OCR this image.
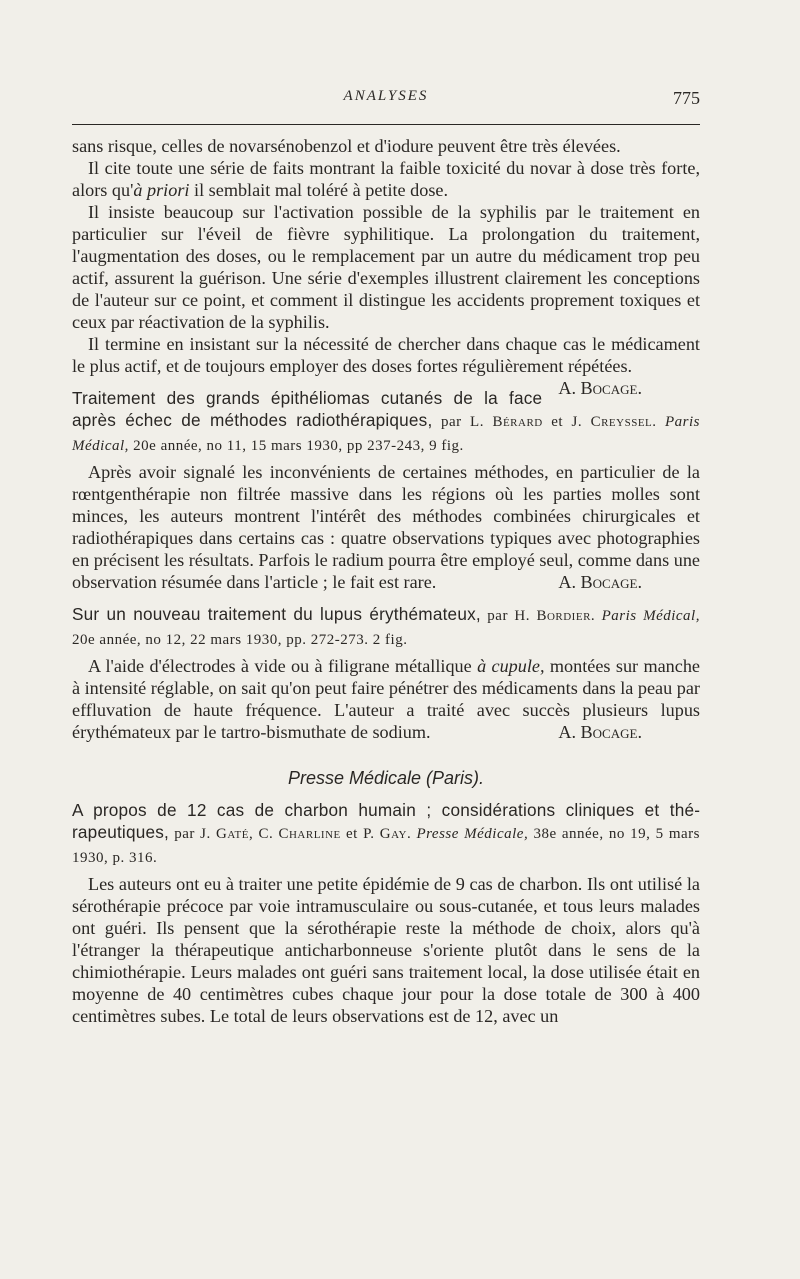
ANALYSES	775

sans risque, celles de novarsénobenzol et d'iodure peuvent être très élevées.

Il cite toute une série de faits montrant la faible toxicité du novar à dose très forte, alors qu'à priori il semblait mal toléré à petite dose.

Il insiste beaucoup sur l'activation possible de la syphilis par le traitement en particulier sur l'éveil de fièvre syphilitique. La prolongation du traitement, l'augmentation des doses, ou le remplacement par un autre du médicament trop peu actif, assurent la guérison. Une série d'exemples illustrent clairement les conceptions de l'auteur sur ce point, et comment il distingue les accidents proprement toxiques et ceux par réactivation de la syphilis.

Il termine en insistant sur la nécessité de chercher dans chaque cas le médicament le plus actif, et de toujours employer des doses fortes régulièrement répétées.
A. Bocage.

Traitement des grands épithéliomas cutanés de la face après échec de méthodes radiothérapiques, par L. Bérard et J. Creyssel. Paris Médical, 20e année, no 11, 15 mars 1930, pp 237-243, 9 fig.

Après avoir signalé les inconvénients de certaines méthodes, en particulier de la rœntgenthérapie non filtrée massive dans les régions où les parties molles sont minces, les auteurs montrent l'intérêt des méthodes combinées chirurgicales et radiothérapiques dans certains cas : quatre observations typiques avec photographies en précisent les résultats. Parfois le radium pourra être employé seul, comme dans une observation résumée dans l'article ; le fait est rare.	A. Bocage.

Sur un nouveau traitement du lupus érythémateux, par H. Bordier. Paris Médical, 20e année, no 12, 22 mars 1930, pp. 272-273. 2 fig.

A l'aide d'électrodes à vide ou à filigrane métallique à cupule, montées sur manche à intensité réglable, on sait qu'on peut faire pénétrer des médicaments dans la peau par effluvation de haute fréquence. L'auteur a traité avec succès plusieurs lupus érythémateux par le tartro-bismuthate de sodium.	A. Bocage.

Presse Médicale (Paris).
A propos de 12 cas de charbon humain ; considérations cliniques et thérapeutiques, par J. Gaté, C. Charline et P. Gay. Presse Médicale, 38e année, no 19, 5 mars 1930, p. 316.

Les auteurs ont eu à traiter une petite épidémie de 9 cas de charbon. Ils ont utilisé la sérothérapie précoce par voie intramusculaire ou sous-cutanée, et tous leurs malades ont guéri. Ils pensent que la sérothérapie reste la méthode de choix, alors qu'à l'étranger la thérapeutique anticharbonneuse s'oriente plutôt dans le sens de la chimiothérapie. Leurs malades ont guéri sans traitement local, la dose utilisée était en moyenne de 40 centimètres cubes chaque jour pour la dose totale de 300 à 400 centimètres subes. Le total de leurs observations est de 12, avec un
